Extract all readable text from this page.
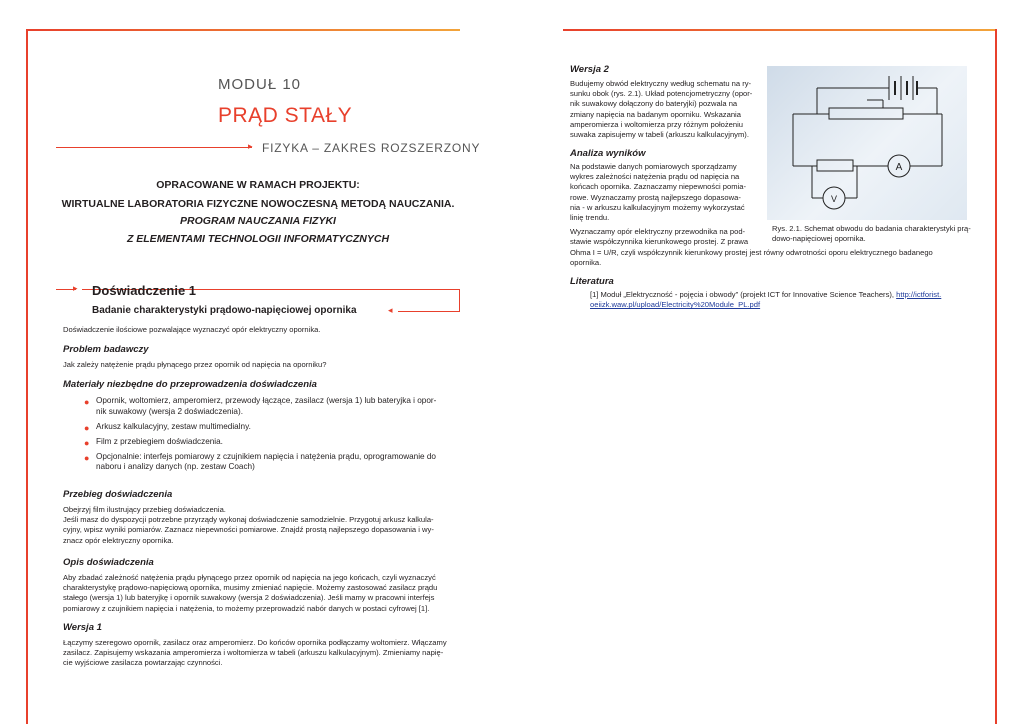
MODUŁ 10
PRĄD STAŁY
▸ FIZYKA – ZAKRES ROZSZERZONY
OPRACOWANE W RAMACH PROJEKTU:
WIRTUALNE LABORATORIA FIZYCZNE NOWOCZESNĄ METODĄ NAUCZANIA.
PROGRAM NAUCZANIA FIZYKI
Z ELEMENTAMI TECHNOLOGII INFORMATYCZNYCH
◂
▸ Doświadczenie 1
Badanie charakterystyki prądowo-napięciowej opornika
Doświadczenie ilościowe pozwalające wyznaczyć opór elektryczny opornika.
Problem badawczy
Jak zależy natężenie prądu płynącego przez opornik od napięcia na oporniku?
Materiały niezbędne do przeprowadzenia doświadczenia
● Opornik, woltomierz, amperomierz, przewody łączące, zasilacz (wersja 1) lub bateryjka i opor-
nik suwakowy (wersja 2 doświadczenia).
● Arkusz kalkulacyjny, zestaw multimedialny.
● Film z przebiegiem doświadczenia.
● Opcjonalnie: interfejs pomiarowy z czujnikiem napięcia i natężenia prądu, oprogramowanie do
naboru i analizy danych (np. zestaw Coach)
Przebieg doświadczenia
Obejrzyj film ilustrujący przebieg doświadczenia.
Jeśli masz do dyspozycji potrzebne przyrządy wykonaj doświadczenie samodzielnie. Przygotuj arkusz kalkula-
cyjny, wpisz wyniki pomiarów. Zaznacz niepewności pomiarowe. Znajdź prostą najlepszego dopasowania i wy-
znacz opór elektryczny opornika.
Opis doświadczenia
Aby zbadać zależność natężenia prądu płynącego przez opornik od napięcia na jego końcach, czyli wyznaczyć
charakterystykę prądowo-napięciową opornika, musimy zmieniać napięcie. Możemy zastosować zasilacz prądu
stałego (wersja 1) lub bateryjkę i opornik suwakowy (wersja 2 doświadczenia). Jeśli mamy w pracowni interfejs
pomiarowy z czujnikiem napięcia i natężenia, to możemy przeprowadzić nabór danych w postaci cyfrowej [1].
Wersja 1
Łączymy szeregowo opornik, zasilacz oraz amperomierz. Do końców opornika podłączamy woltomierz. Włączamy
zasilacz. Zapisujemy wskazania amperomierza i woltomierza w tabeli (arkuszu kalkulacyjnym). Zmieniamy napię-
cie wyjściowe zasilacza powtarzając czynności.
Wersja 2
Budujemy obwód elektryczny według schematu na ry-
sunku obok (rys. 2.1). Układ potencjometryczny (opor-
nik suwakowy dołączony do bateryjki) pozwala na
zmiany napięcia na badanym oporniku. Wskazania
amperomierza i woltomierza przy różnym położeniu
suwaka zapisujemy w tabeli (arkuszu kalkulacyjnym).
Analiza wyników
Na podstawie danych pomiarowych sporządzamy
wykres zależności natężenia prądu od napięcia na
końcach opornika. Zaznaczamy niepewności pomia-
rowe. Wyznaczamy prostą najlepszego dopasowa-
nia - w arkuszu kalkulacyjnym możemy wykorzystać
linię trendu.
Wyznaczamy opór elektryczny przewodnika na pod-
stawie współczynnika kierunkowego prostej. Z prawa
Ohma I = U/R, czyli współczynnik kierunkowy prostej jest równy odwrotności oporu elektrycznego badanego
opornika.
A
V
Rys. 2.1. Schemat obwodu do badania charakterystyki prą-
dowo-napięciowej opornika.
Literatura
[1] Moduł „Elektryczność - pojęcia i obwody” (projekt ICT for Innovative Science Teachers), http://ictforist.
oeiizk.waw.pl/upload/Electricity%20Module_PL.pdf
